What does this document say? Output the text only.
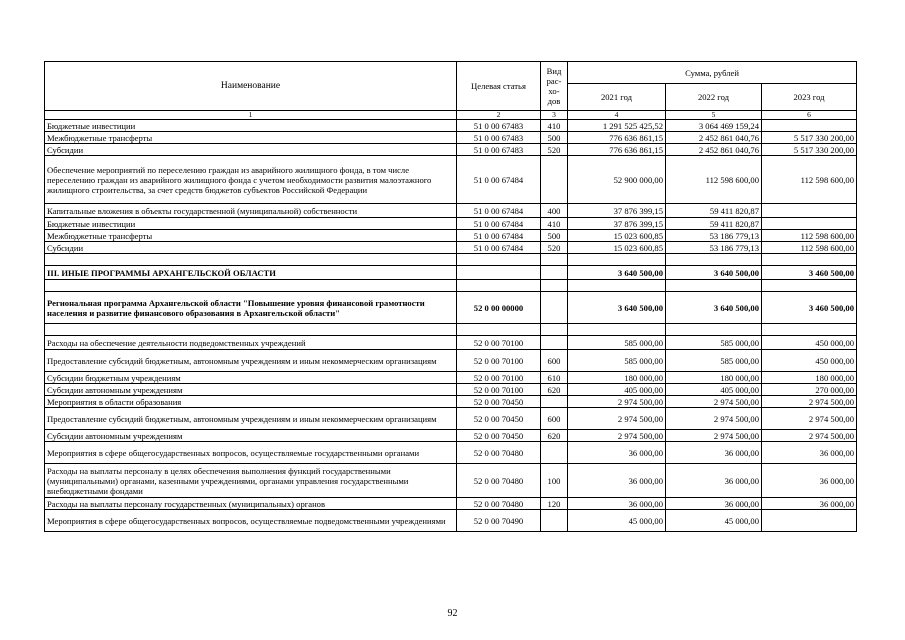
Наименование	Целевая статья	Вид рас- хо- дов	Сумма, рублей		
			2021 год	2022 год	2023 год
1	2	3	4	5	6
Бюджетные инвестиции	51 0 00 67483	410	1 291 525 425,52	3 064 469 159,24	
Межбюджетные трансферты	51 0 00 67483	500	776 636 861,15	2 452 861 040,76	5 517 330 200,00
Субсидии	51 0 00 67483	520	776 636 861,15	2 452 861 040,76	5 517 330 200,00
Обеспечение мероприятий по переселению граждан из аварийного жилищного фонда, в том числе переселению граждан из аварийного жилищного фонда с учетом необходимости развития малоэтажного жилищного строительства, за счет средств бюджетов субъектов Российской Федерации	51 0 00 67484		52 900 000,00	112 598 600,00	112 598 600,00
Капитальные вложения в объекты государственной (муниципальной) собственности	51 0 00 67484	400	37 876 399,15	59 411 820,87	
Бюджетные инвестиции	51 0 00 67484	410	37 876 399,15	59 411 820,87	
Межбюджетные трансферты	51 0 00 67484	500	15 023 600,85	53 186 779,13	112 598 600,00
Субсидии	51 0 00 67484	520	15 023 600,85	53 186 779,13	112 598 600,00

III. ИНЫЕ ПРОГРАММЫ АРХАНГЕЛЬСКОЙ ОБЛАСТИ			3 640 500,00	3 640 500,00	3 460 500,00

Региональная программа Архангельской области "Повышение уровня финансовой грамотности населения и развитие финансового образования в Архангельской области"	52 0 00 00000		3 640 500,00	3 640 500,00	3 460 500,00

Расходы на обеспечение деятельности подведомственных учреждений	52 0 00 70100		585 000,00	585 000,00	450 000,00
Предоставление субсидий бюджетным, автономным учреждениям и иным некоммерческим организациям	52 0 00 70100	600	585 000,00	585 000,00	450 000,00
Субсидии бюджетным учреждениям	52 0 00 70100	610	180 000,00	180 000,00	180 000,00
Субсидии автономным учреждениям	52 0 00 70100	620	405 000,00	405 000,00	270 000,00
Мероприятия в области образования	52 0 00 70450		2 974 500,00	2 974 500,00	2 974 500,00
Предоставление субсидий бюджетным, автономным учреждениям и иным некоммерческим организациям	52 0 00 70450	600	2 974 500,00	2 974 500,00	2 974 500,00
Субсидии автономным учреждениям	52 0 00 70450	620	2 974 500,00	2 974 500,00	2 974 500,00
Мероприятия в сфере общегосударственных вопросов, осуществляемые государственными органами	52 0 00 70480		36 000,00	36 000,00	36 000,00
Расходы на выплаты персоналу в целях обеспечения выполнения функций государственными (муниципальными) органами, казенными учреждениями, органами управления государственными внебюджетными фондами	52 0 00 70480	100	36 000,00	36 000,00	36 000,00
Расходы на выплаты персоналу государственных (муниципальных) органов	52 0 00 70480	120	36 000,00	36 000,00	36 000,00
Мероприятия в сфере общегосударственных вопросов, осуществляемые подведомственными учреждениями	52 0 00 70490		45 000,00	45 000,00	
92
